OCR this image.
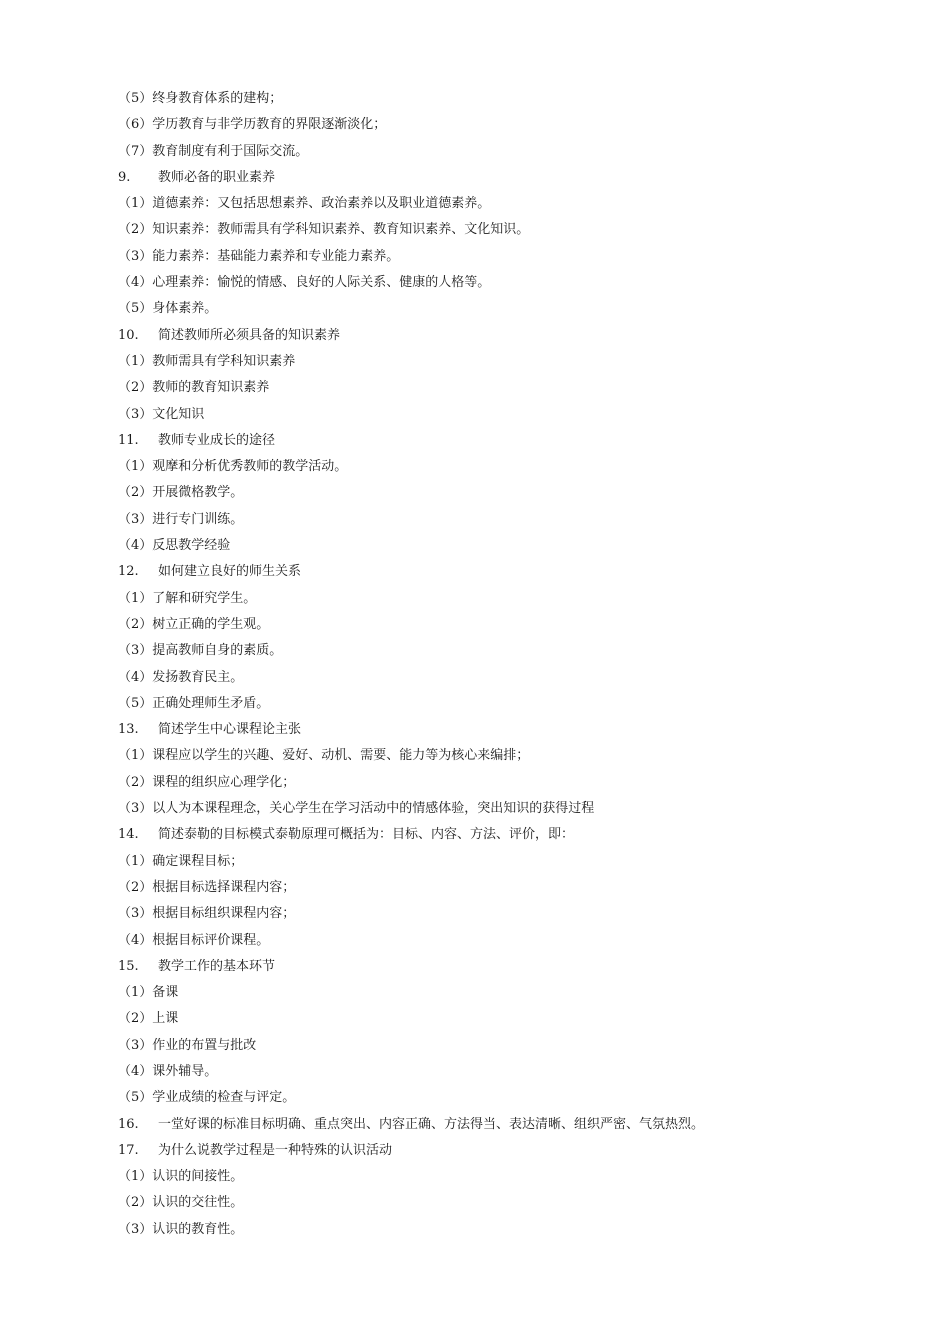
（5）终身教育体系的建构；
（6）学历教育与非学历教育的界限逐渐淡化；
（7）教育制度有利于国际交流。
9. 教师必备的职业素养
（1）道德素养：又包括思想素养、政治素养以及职业道德素养。
（2）知识素养：教师需具有学科知识素养、教育知识素养、文化知识。
（3）能力素养：基础能力素养和专业能力素养。
（4）心理素养：愉悦的情感、良好的人际关系、健康的人格等。
（5）身体素养。
10. 简述教师所必须具备的知识素养
（1）教师需具有学科知识素养
（2）教师的教育知识素养
（3）文化知识
11. 教师专业成长的途径
（1）观摩和分析优秀教师的教学活动。
（2）开展微格教学。
（3）进行专门训练。
（4）反思教学经验
12. 如何建立良好的师生关系
（1）了解和研究学生。
（2）树立正确的学生观。
（3）提高教师自身的素质。
（4）发扬教育民主。
（5）正确处理师生矛盾。
13. 简述学生中心课程论主张
（1）课程应以学生的兴趣、爱好、动机、需要、能力等为核心来编排；
（2）课程的组织应心理学化；
（3）以人为本课程理念，关心学生在学习活动中的情感体验，突出知识的获得过程
14. 简述泰勒的目标模式泰勒原理可概括为：目标、内容、方法、评价，即：
（1）确定课程目标；
（2）根据目标选择课程内容；
（3）根据目标组织课程内容；
（4）根据目标评价课程。
15. 教学工作的基本环节
（1）备课
（2）上课
（3）作业的布置与批改
（4）课外辅导。
（5）学业成绩的检查与评定。
16. 一堂好课的标准目标明确、重点突出、内容正确、方法得当、表达清晰、组织严密、气氛热烈。
17. 为什么说教学过程是一种特殊的认识活动
（1）认识的间接性。
（2）认识的交往性。
（3）认识的教育性。
